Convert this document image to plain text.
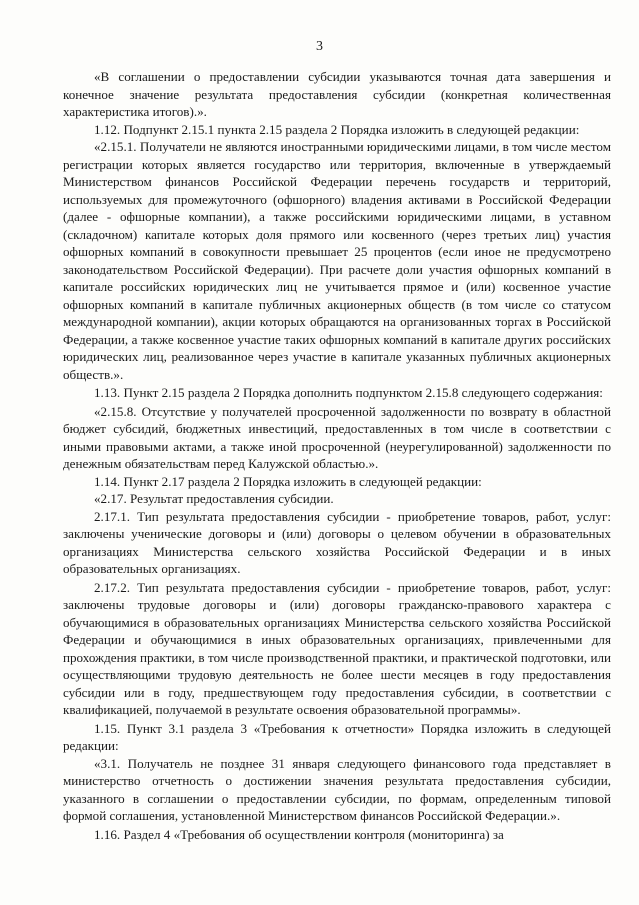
3

«В соглашении о предоставлении субсидии указываются точная дата завершения и конечное значение результата предоставления субсидии (конкретная количественная характеристика итогов).».

1.12. Подпункт 2.15.1 пункта 2.15 раздела 2 Порядка изложить в следующей редакции:

«2.15.1. Получатели не являются иностранными юридическими лицами, в том числе местом регистрации которых является государство или территория, включенные в утверждаемый Министерством финансов Российской Федерации перечень государств и территорий, используемых для промежуточного (офшорного) владения активами в Российской Федерации (далее - офшорные компании), а также российскими юридическими лицами, в уставном (складочном) капитале которых доля прямого или косвенного (через третьих лиц) участия офшорных компаний в совокупности превышает 25 процентов (если иное не предусмотрено законодательством Российской Федерации). При расчете доли участия офшорных компаний в капитале российских юридических лиц не учитывается прямое и (или) косвенное участие офшорных компаний в капитале публичных акционерных обществ (в том числе со статусом международной компании), акции которых обращаются на организованных торгах в Российской Федерации, а также косвенное участие таких офшорных компаний в капитале других российских юридических лиц, реализованное через участие в капитале указанных публичных акционерных обществ.».

1.13. Пункт 2.15 раздела 2 Порядка дополнить подпунктом 2.15.8 следующего содержания:

«2.15.8. Отсутствие у получателей просроченной задолженности по возврату в областной бюджет субсидий, бюджетных инвестиций, предоставленных в том числе в соответствии с иными правовыми актами, а также иной просроченной (неурегулированной) задолженности по денежным обязательствам перед Калужской областью.».

1.14. Пункт 2.17 раздела 2 Порядка изложить в следующей редакции:

«2.17. Результат предоставления субсидии.

2.17.1. Тип результата предоставления субсидии - приобретение товаров, работ, услуг: заключены ученические договоры и (или) договоры о целевом обучении в образовательных организациях Министерства сельского хозяйства Российской Федерации и в иных образовательных организациях.

2.17.2. Тип результата предоставления субсидии - приобретение товаров, работ, услуг: заключены трудовые договоры и (или) договоры гражданско-правового характера с обучающимися в образовательных организациях Министерства сельского хозяйства Российской Федерации и обучающимися в иных образовательных организациях, привлеченными для прохождения практики, в том числе производственной практики, и практической подготовки, или осуществляющими трудовую деятельность не более шести месяцев в году предоставления субсидии или в году, предшествующем году предоставления субсидии, в соответствии с квалификацией, получаемой в результате освоения образовательной программы».

1.15. Пункт 3.1 раздела 3 «Требования к отчетности» Порядка изложить в следующей редакции:

«3.1. Получатель не позднее 31 января следующего финансового года представляет в министерство отчетность о достижении значения результата предоставления субсидии, указанного в соглашении о предоставлении субсидии, по формам, определенным типовой формой соглашения, установленной Министерством финансов Российской Федерации.».

1.16. Раздел 4 «Требования об осуществлении контроля (мониторинга) за
